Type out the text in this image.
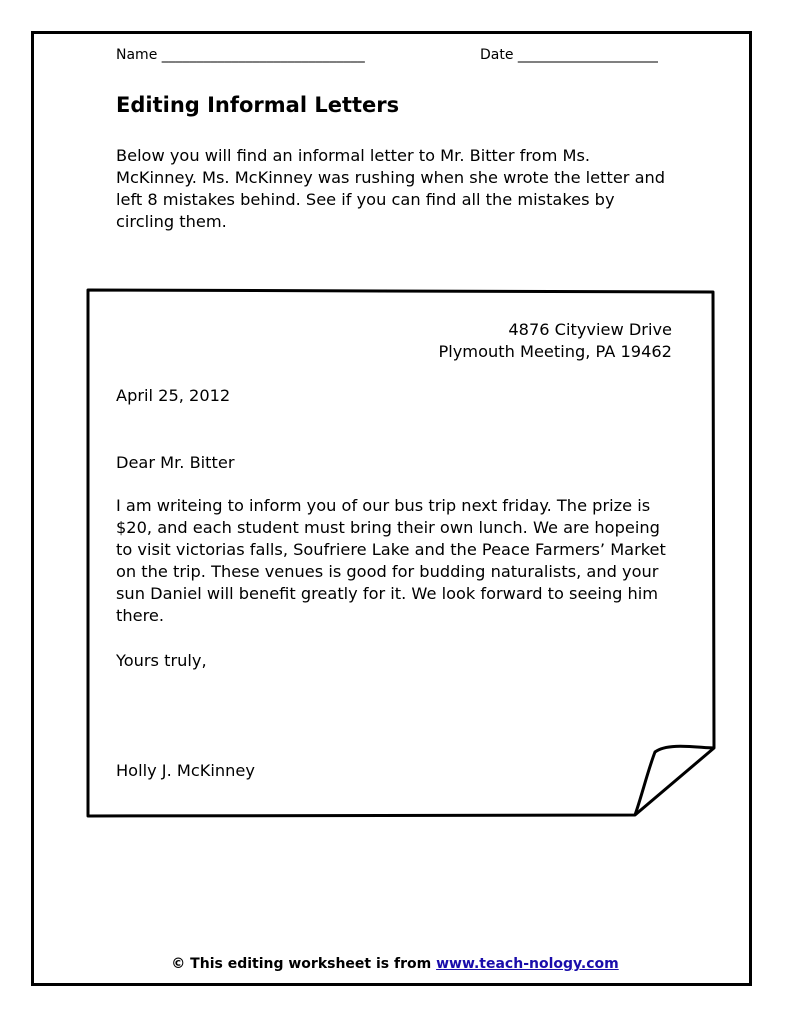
Name _____________________________	Date ____________________
Editing Informal Letters

Below you will find an informal letter to Mr. Bitter from Ms. McKinney. Ms. McKinney was rushing when she wrote the letter and left 8 mistakes behind. See if you can find all the mistakes by circling them.

4876 Cityview Drive
Plymouth Meeting, PA 19462

April 25, 2012

Dear Mr. Bitter

I am writeing to inform you of our bus trip next friday. The prize is $20, and each student must bring their own lunch. We are hopeing to visit victorias falls, Soufriere Lake and the Peace Farmers’ Market on the trip. These venues is good for budding naturalists, and your sun Daniel will benefit greatly for it. We look forward to seeing him there.

Yours truly,

Holly J. McKinney

© This editing worksheet is from www.teach-nology.com
